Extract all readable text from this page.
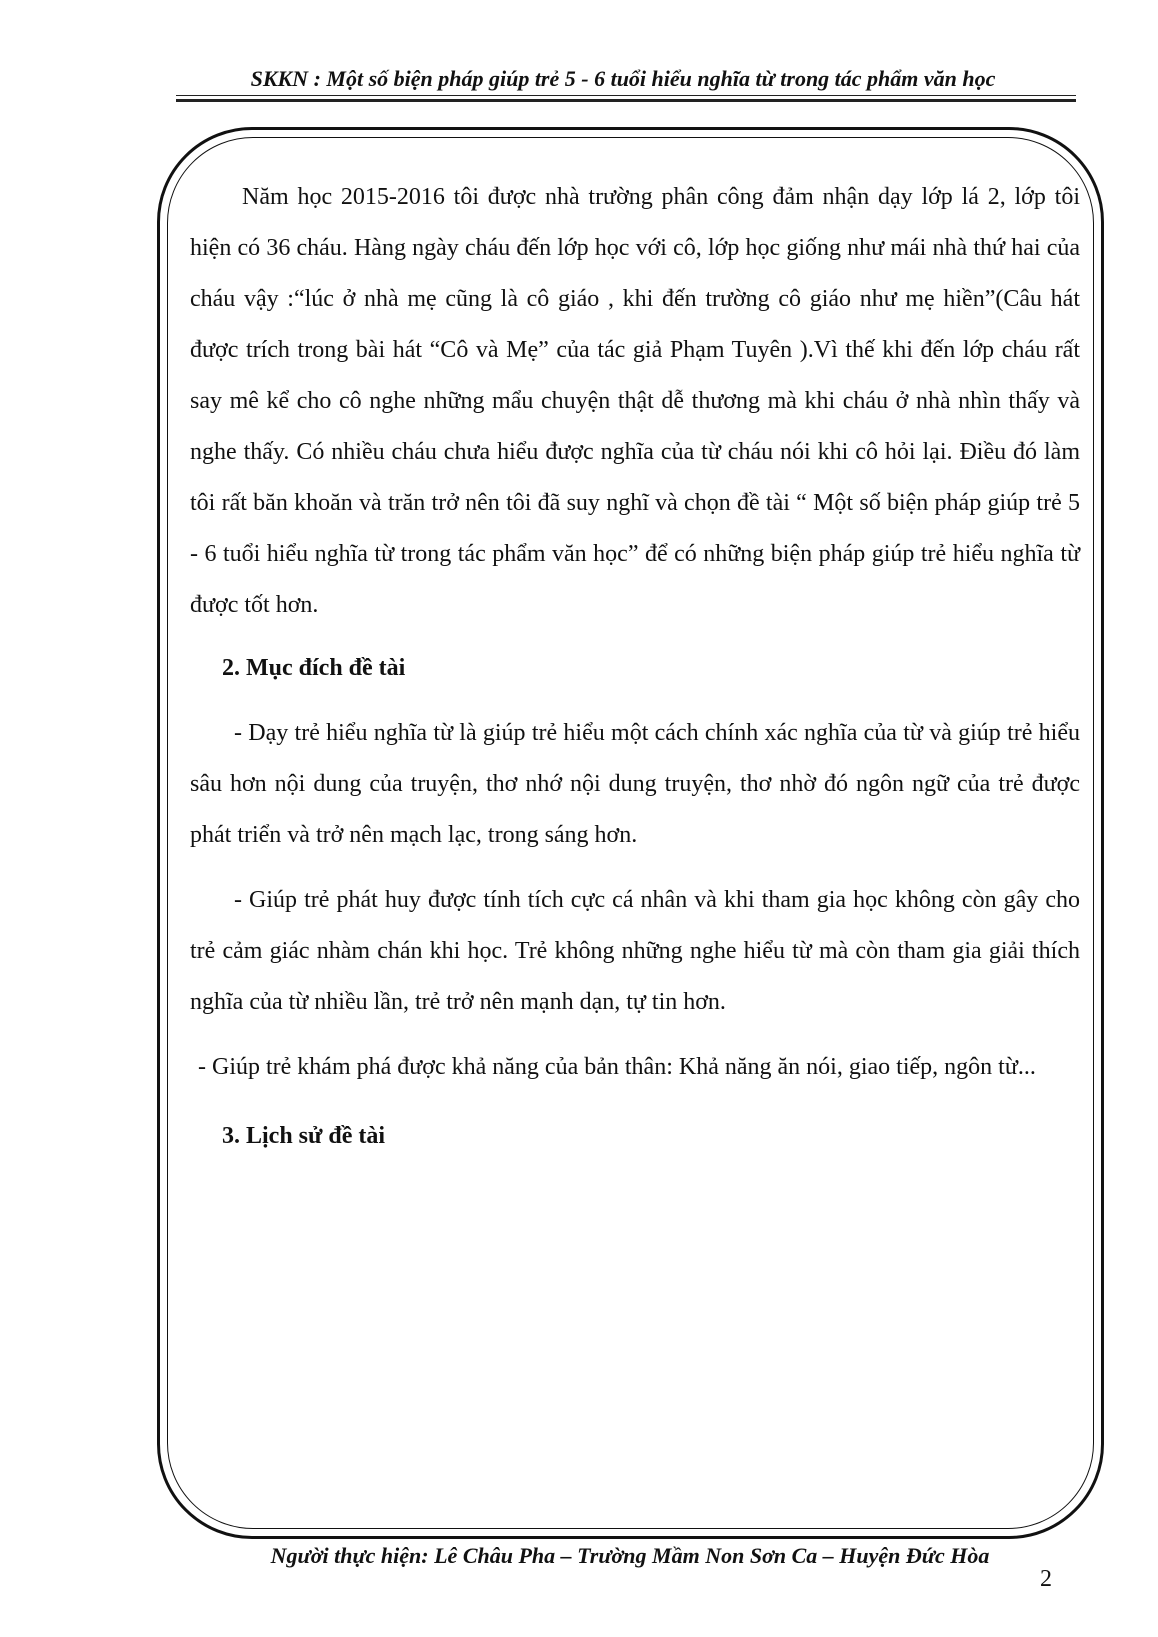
SKKN : Một số biện pháp giúp trẻ 5 - 6 tuổi hiểu nghĩa từ trong tác phẩm văn học

Năm học 2015-2016 tôi được nhà trường phân công đảm nhận dạy lớp lá 2, lớp tôi hiện có 36 cháu. Hàng ngày cháu đến lớp học với cô, lớp học giống như mái nhà thứ hai của cháu vậy :“lúc ở nhà mẹ cũng là cô giáo , khi đến trường cô giáo như mẹ hiền”(Câu hát được trích trong bài hát “Cô và Mẹ” của tác giả Phạm Tuyên ).Vì thế khi đến lớp cháu rất say mê kể cho cô nghe những mẩu chuyện thật dễ thương mà khi cháu ở nhà nhìn thấy và nghe thấy. Có nhiều cháu chưa hiểu được nghĩa của từ cháu nói khi cô hỏi lại. Điều đó làm tôi rất băn khoăn và trăn trở nên tôi đã suy nghĩ và chọn đề tài “ Một số biện pháp giúp trẻ 5 - 6 tuổi hiểu nghĩa từ trong tác phẩm văn học” để có những biện pháp giúp trẻ hiểu nghĩa từ được tốt hơn.

2. Mục đích đề tài

- Dạy trẻ hiểu nghĩa từ là giúp trẻ hiểu một cách chính xác nghĩa của từ và giúp trẻ hiểu sâu hơn nội dung của truyện, thơ nhớ nội dung truyện, thơ nhờ đó ngôn ngữ của trẻ được phát triển và trở nên mạch lạc, trong sáng hơn.

- Giúp trẻ phát huy được tính tích cực cá nhân và khi tham gia học không còn gây cho trẻ cảm giác nhàm chán khi học. Trẻ không những nghe hiểu từ mà còn tham gia giải thích nghĩa của từ nhiều lần, trẻ trở nên mạnh dạn, tự tin hơn.

- Giúp trẻ khám phá được khả năng của bản thân: Khả năng ăn nói, giao tiếp, ngôn từ...

3. Lịch sử đề tài

Người thực hiện: Lê Châu Pha – Trường Mầm Non Sơn Ca – Huyện Đức Hòa
2
